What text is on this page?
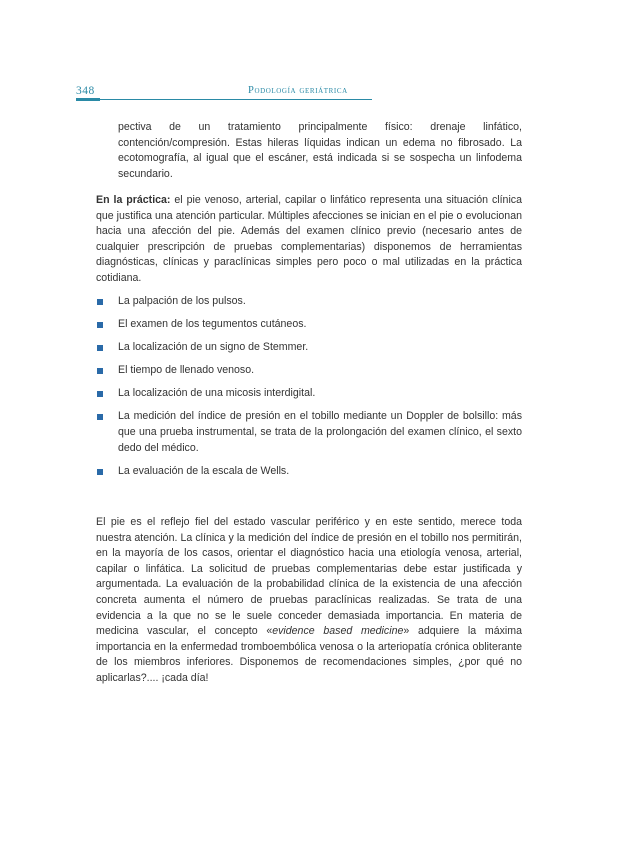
348	Podología geriátrica
pectiva de un tratamiento principalmente físico: drenaje linfático, contención/compresión. Estas hileras líquidas indican un edema no fibrosado. La ecotomografía, al igual que el escáner, está indicada si se sospecha un linfodema secundario.
En la práctica: el pie venoso, arterial, capilar o linfático representa una situación clínica que justifica una atención particular. Múltiples afecciones se inician en el pie o evolucionan hacia una afección del pie. Además del examen clínico previo (necesario antes de cualquier prescripción de pruebas complementarias) disponemos de herramientas diagnósticas, clínicas y paraclínicas simples pero poco o mal utilizadas en la práctica cotidiana.
La palpación de los pulsos.
El examen de los tegumentos cutáneos.
La localización de un signo de Stemmer.
El tiempo de llenado venoso.
La localización de una micosis interdigital.
La medición del índice de presión en el tobillo mediante un Doppler de bolsillo: más que una prueba instrumental, se trata de la prolongación del examen clínico, el sexto dedo del médico.
La evaluación de la escala de Wells.
El pie es el reflejo fiel del estado vascular periférico y en este sentido, merece toda nuestra atención. La clínica y la medición del índice de presión en el tobillo nos permitirán, en la mayoría de los casos, orientar el diagnóstico hacia una etiología venosa, arterial, capilar o linfática. La solicitud de pruebas complementarias debe estar justificada y argumentada. La evaluación de la probabilidad clínica de la existencia de una afección concreta aumenta el número de pruebas paraclínicas realizadas. Se trata de una evidencia a la que no se le suele conceder demasiada importancia. En materia de medicina vascular, el concepto «evidence based medicine» adquiere la máxima importancia en la enfermedad tromboembólica venosa o la arteriopatía crónica obliterante de los miembros inferiores. Disponemos de recomendaciones simples, ¿por qué no aplicarlas?.... ¡cada día!
